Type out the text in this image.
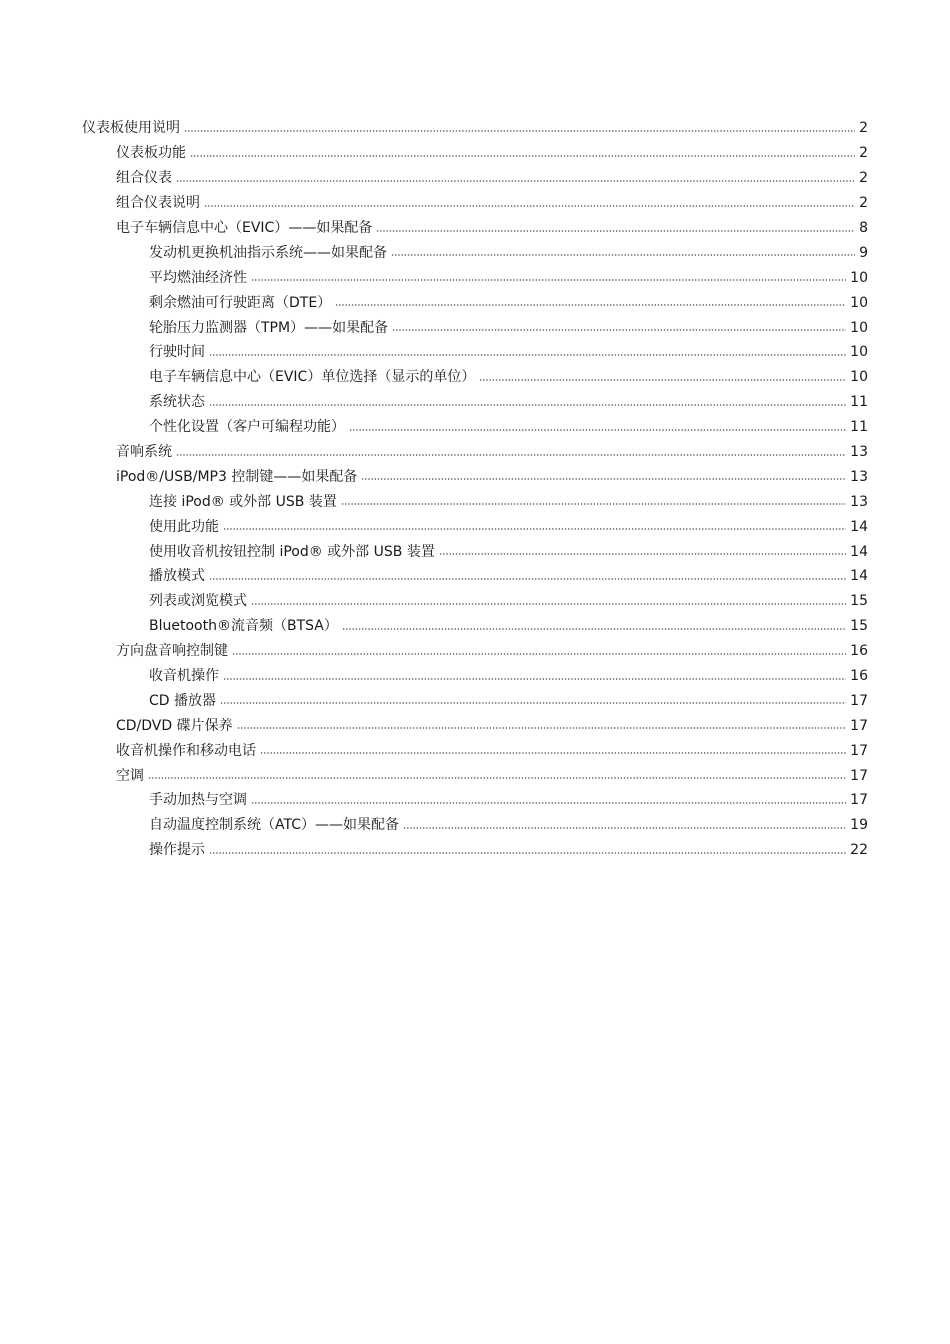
仪表板使用说明	2
仪表板功能	2
组合仪表	2
组合仪表说明	2
电子车辆信息中心（EVIC）——如果配备	8
发动机更换机油指示系统——如果配备	9
平均燃油经济性	10
剩余燃油可行驶距离（DTE）	10
轮胎压力监测器（TPM）——如果配备	10
行驶时间	10
电子车辆信息中心（EVIC）单位选择（显示的单位）	10
系统状态	11
个性化设置（客户可编程功能）	11
音响系统	13
iPod®/USB/MP3 控制键——如果配备	13
连接 iPod® 或外部 USB 装置	13
使用此功能	14
使用收音机按钮控制 iPod® 或外部 USB 装置	14
播放模式	14
列表或浏览模式	15
Bluetooth®流音频（BTSA）	15
方向盘音响控制键	16
收音机操作	16
CD 播放器	17
CD/DVD 碟片保养	17
收音机操作和移动电话	17
空调	17
手动加热与空调	17
自动温度控制系统（ATC）——如果配备	19
操作提示	22
